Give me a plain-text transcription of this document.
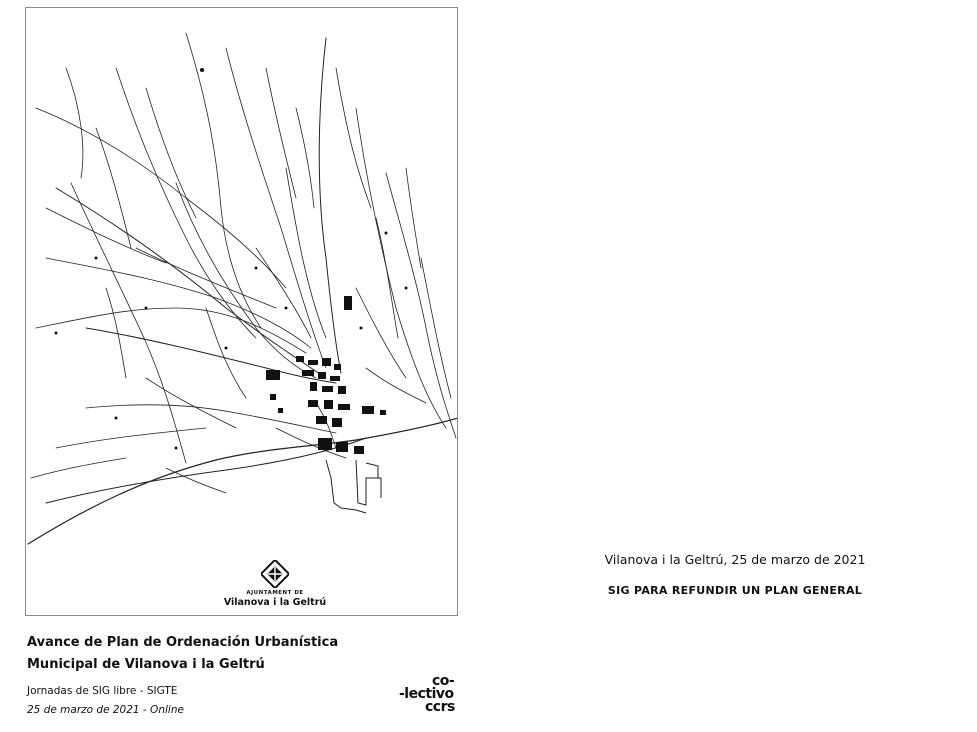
AJUNTAMENT DE
Vilanova i la Geltrú
Avance de Plan de Ordenación Urbanística Municipal de Vilanova i la Geltrú
Jornadas de SIG libre - SIGTE
25 de marzo de 2021 - Online
co-
-lectivo
ccrs
Vilanova i la Geltrú, 25 de marzo de 2021
SIG PARA REFUNDIR UN PLAN GENERAL
